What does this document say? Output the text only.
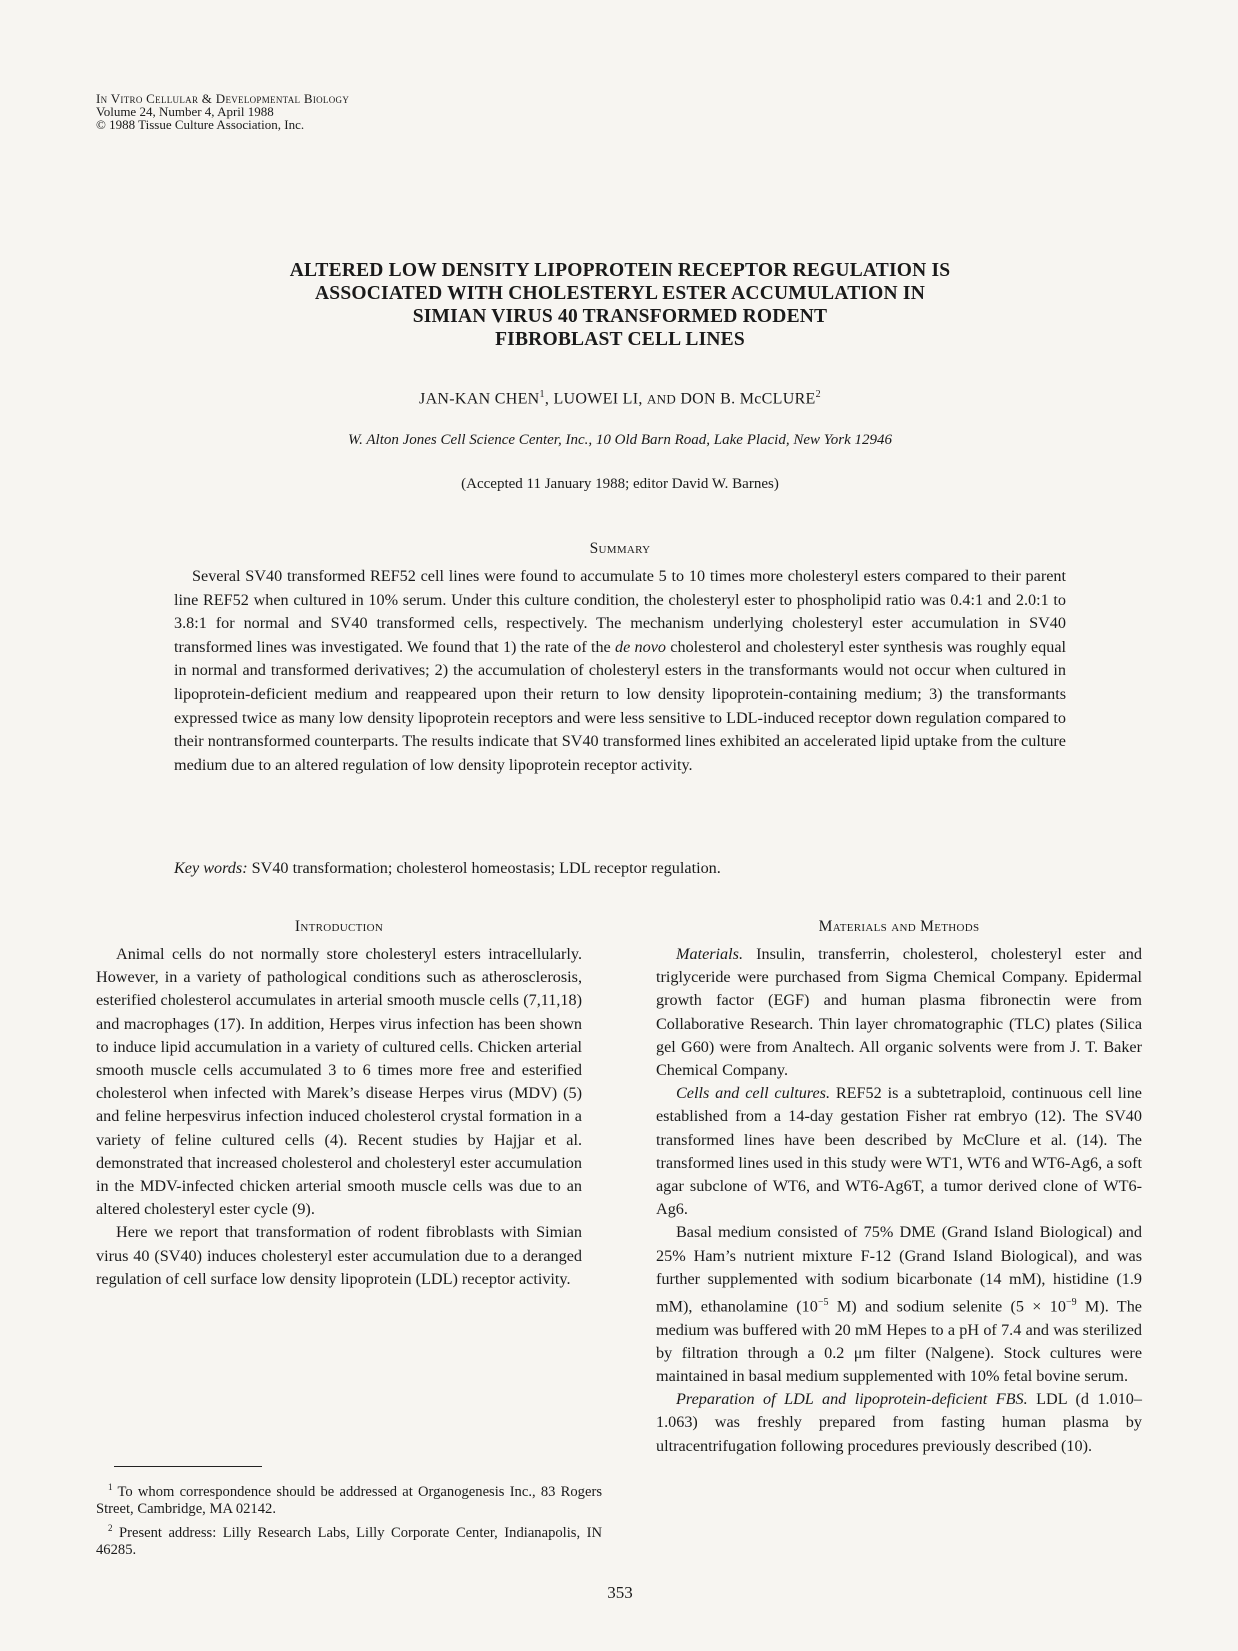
In Vitro Cellular & Developmental Biology
Volume 24, Number 4, April 1988
© 1988 Tissue Culture Association, Inc.
ALTERED LOW DENSITY LIPOPROTEIN RECEPTOR REGULATION IS
ASSOCIATED WITH CHOLESTERYL ESTER ACCUMULATION IN
SIMIAN VIRUS 40 TRANSFORMED RODENT
FIBROBLAST CELL LINES
JAN-KAN CHEN$^1$, LUOWEI LI, AND DON B. McCLURE$^2$
W. Alton Jones Cell Science Center, Inc., 10 Old Barn Road, Lake Placid, New York 12946
(Accepted 11 January 1988; editor David W. Barnes)
Summary
Several SV40 transformed REF52 cell lines were found to accumulate 5 to 10 times more cholesteryl esters compared to their parent line REF52 when cultured in 10% serum. Under this culture condition, the cholesteryl ester to phospholipid ratio was 0.4:1 and 2.0:1 to 3.8:1 for normal and SV40 transformed cells, respectively. The mechanism underlying cholesteryl ester accumulation in SV40 transformed lines was investigated. We found that 1) the rate of the de novo cholesterol and cholesteryl ester synthesis was roughly equal in normal and transformed derivatives; 2) the accumulation of cholesteryl esters in the transformants would not occur when cultured in lipoprotein-deficient medium and reappeared upon their return to low density lipoprotein-containing medium; 3) the transformants expressed twice as many low density lipoprotein receptors and were less sensitive to LDL-induced receptor down regulation compared to their nontransformed counterparts. The results indicate that SV40 transformed lines exhibited an accelerated lipid uptake from the culture medium due to an altered regulation of low density lipoprotein receptor activity.
Key words: SV40 transformation; cholesterol homeostasis; LDL receptor regulation.
Introduction

Animal cells do not normally store cholesteryl esters intracellularly. However, in a variety of pathological conditions such as atherosclerosis, esterified cholesterol accumulates in arterial smooth muscle cells (7,11,18) and macrophages (17). In addition, Herpes virus infection has been shown to induce lipid accumulation in a variety of cultured cells. Chicken arterial smooth muscle cells accumulated 3 to 6 times more free and esterified cholesterol when infected with Marek’s disease Herpes virus (MDV) (5) and feline herpesvirus infection induced cholesterol crystal formation in a variety of feline cultured cells (4). Recent studies by Hajjar et al. demonstrated that increased cholesterol and cholesteryl ester accumulation in the MDV-infected chicken arterial smooth muscle cells was due to an altered cholesteryl ester cycle (9).

Here we report that transformation of rodent fibroblasts with Simian virus 40 (SV40) induces cholesteryl ester accumulation due to a deranged regulation of cell surface low density lipoprotein (LDL) receptor activity.

Materials and Methods

Materials. Insulin, transferrin, cholesterol, cholesteryl ester and triglyceride were purchased from Sigma Chemical Company. Epidermal growth factor (EGF) and human plasma fibronectin were from Collaborative Research. Thin layer chromatographic (TLC) plates (Silica gel G60) were from Analtech. All organic solvents were from J. T. Baker Chemical Company.

Cells and cell cultures. REF52 is a subtetraploid, continuous cell line established from a 14-day gestation Fisher rat embryo (12). The SV40 transformed lines have been described by McClure et al. (14). The transformed lines used in this study were WT1, WT6 and WT6-Ag6, a soft agar subclone of WT6, and WT6-Ag6T, a tumor derived clone of WT6-Ag6.

Basal medium consisted of 75% DME (Grand Island Biological) and 25% Ham’s nutrient mixture F-12 (Grand Island Biological), and was further supplemented with sodium bicarbonate (14 mM), histidine (1.9 mM), ethanolamine ($10^{-5}$ M) and sodium selenite ($5 \times 10^{-9}$ M). The medium was buffered with 20 mM Hepes to a pH of 7.4 and was sterilized by filtration through a 0.2 μm filter (Nalgene). Stock cultures were maintained in basal medium supplemented with 10% fetal bovine serum.

Preparation of LDL and lipoprotein-deficient FBS. LDL (d 1.010–1.063) was freshly prepared from fasting human plasma by ultracentrifugation following procedures previously described (10).

$^1$ To whom correspondence should be addressed at Organogenesis Inc., 83 Rogers Street, Cambridge, MA 02142.

$^2$ Present address: Lilly Research Labs, Lilly Corporate Center, Indianapolis, IN 46285.

353
